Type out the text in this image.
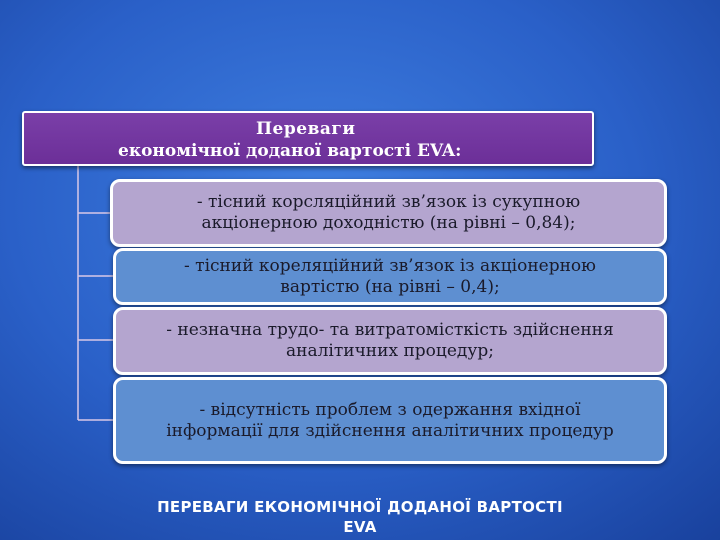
Переваги
економічної доданої вартості EVA:
- тісний корсляційний зв’язок із сукупною
акціонерною доходністю (на рівні – 0,84);
- тісний кореляційний зв’язок із акціонерною
вартістю (на рівні – 0,4);
- незначна трудо- та витратомісткість здійснення
аналітичних процедур;
- відсутність проблем з одержання вхідної
інформації для здійснення аналітичних процедур
ПЕРЕВАГИ ЕКОНОМІЧНОЇ ДОДАНОЇ ВАРТОСТІ
EVA
